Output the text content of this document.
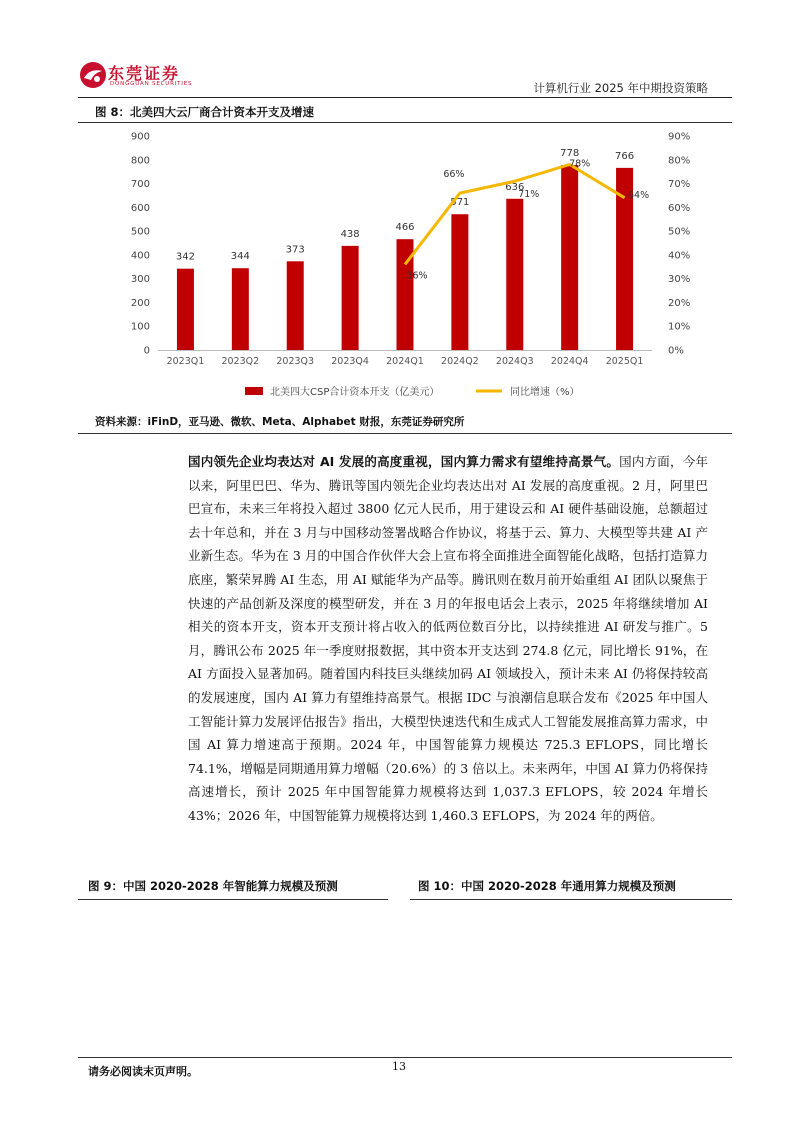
东莞证券
DONGGUAN SECURITIES	计算机行业 2025 年中期投资策略
图 8：北美四大云厂商合计资本开支及增速
0
100
200
300
400
500
600
700
800
900
0%
10%
20%
30%
40%
50%
60%
70%
80%
90%
342	344
373
438
466
571
636
778	766
36%
66%
71%
78%
64%
2023Q1 2023Q2 2023Q3 2023Q4 2024Q1 2024Q2 2024Q3 2024Q4 2025Q1
北美四大CSP合计资本开支（亿美元）	同比增速（%）
资料来源：iFinD，亚马逊、微软、Meta、Alphabet 财报，东莞证券研究所
国内领先企业均表达对 AI 发展的高度重视，国内算力需求有望维持高景气。国内方面，今年以来，阿里巴巴、华为、腾讯等国内领先企业均表达出对 AI 发展的高度重视。2 月，阿里巴巴宣布，未来三年将投入超过 3800 亿元人民币，用于建设云和 AI 硬件基础设施，总额超过去十年总和，并在 3 月与中国移动签署战略合作协议，将基于云、算力、大模型等共建 AI 产业新生态。华为在 3 月的中国合作伙伴大会上宣布将全面推进全面智能化战略，包括打造算力底座，繁荣昇腾 AI 生态，用 AI 赋能华为产品等。腾讯则在数月前开始重组 AI 团队以聚焦于快速的产品创新及深度的模型研发，并在 3 月的年报电话会上表示，2025 年将继续增加 AI 相关的资本开支，资本开支预计将占收入的低两位数百分比，以持续推进 AI 研发与推广。5 月，腾讯公布 2025 年一季度财报数据，其中资本开支达到 274.8 亿元，同比增长 91%，在 AI 方面投入显著加码。随着国内科技巨头继续加码 AI 领域投入，预计未来 AI 仍将保持较高的发展速度，国内 AI 算力有望维持高景气。根据 IDC 与浪潮信息联合发布《2025 年中国人工智能计算力发展评估报告》指出，大模型快速迭代和生成式人工智能发展推高算力需求，中国 AI 算力增速高于预期。2024 年，中国智能算力规模达 725.3 EFLOPS，同比增长 74.1%，增幅是同期通用算力增幅（20.6%）的 3 倍以上。未来两年，中国 AI 算力仍将保持高速增长，预计 2025 年中国智能算力规模将达到 1,037.3 EFLOPS，较 2024 年增长 43%；2026 年，中国智能算力规模将达到 1,460.3 EFLOPS，为 2024 年的两倍。
图 9：中国 2020-2028 年智能算力规模及预测	图 10：中国 2020-2028 年通用算力规模及预测
请务必阅读末页声明。	13
